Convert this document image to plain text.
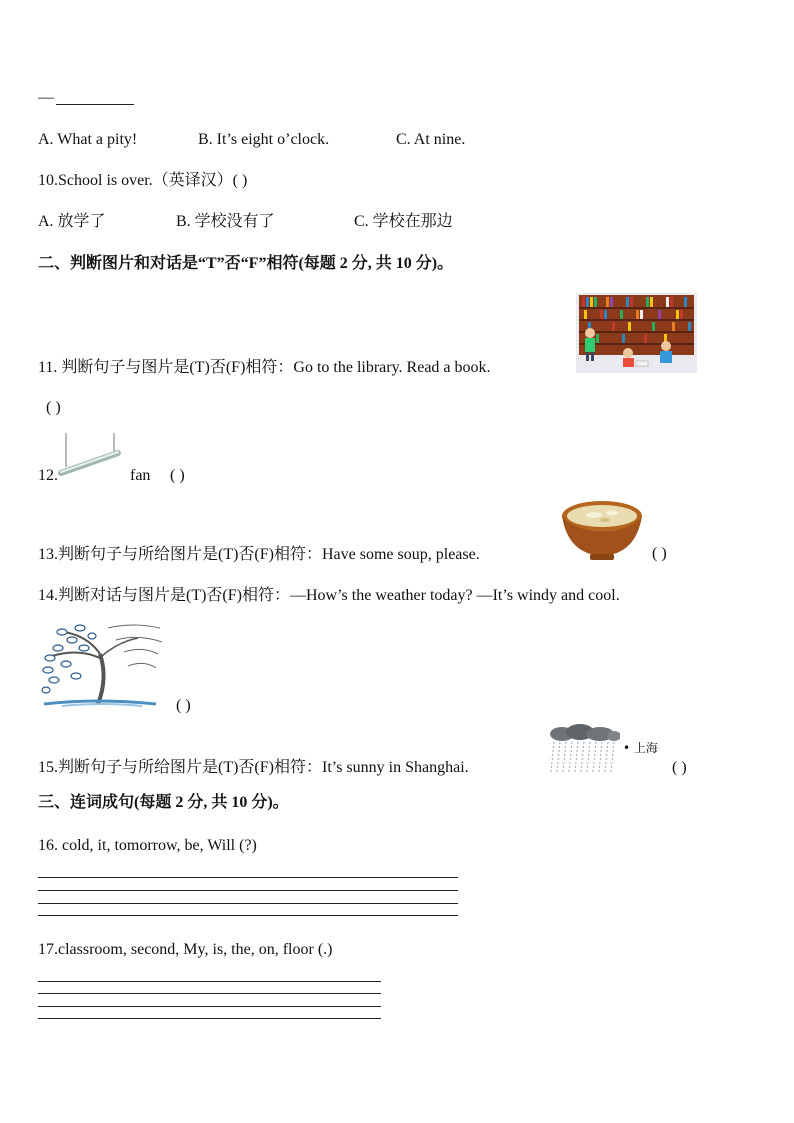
—
A. What a pity!	B. It’s eight o’clock.	C. At nine.
10.School is over.（英译汉）( )
A. 放学了	B. 学校没有了	C. 学校在那边
二、判断图片和对话是“T”否“F”相符(每题 2 分, 共 10 分)。
11. 判断句子与图片是(T)否(F)相符：Go to the library. Read a book.
( )
12.	fan ( )
13.判断句子与所给图片是(T)否(F)相符：Have some soup, please.	( )
14.判断对话与图片是(T)否(F)相符：—How’s the weather today? —It’s windy and cool.
( )
• 上海
15.判断句子与所给图片是(T)否(F)相符：It’s sunny in Shanghai.	( )
三、连词成句(每题 2 分, 共 10 分)。
16. cold, it, tomorrow, be, Will (?)
17.classroom, second, My, is, the, on, floor (.)
